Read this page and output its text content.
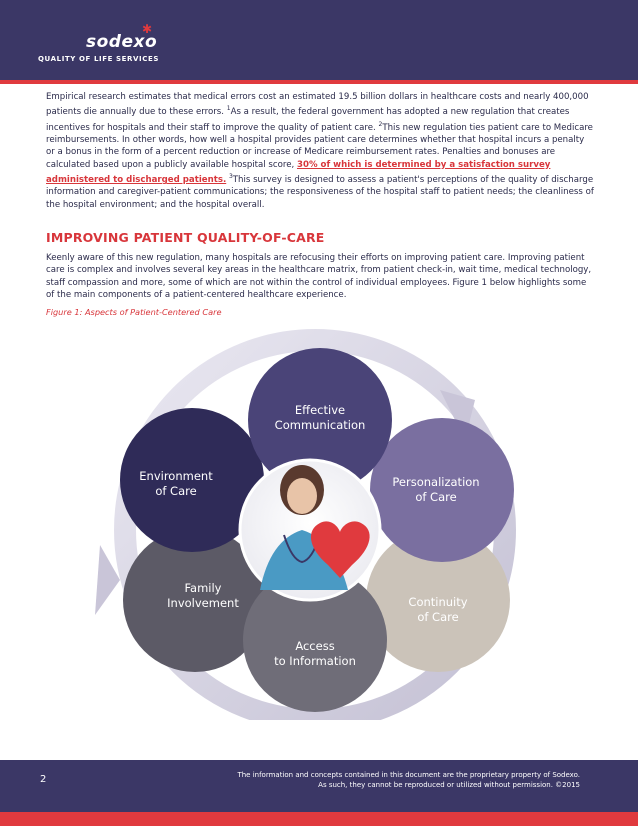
sodexo
✱
QUALITY OF LIFE SERVICES

Empirical research estimates that medical errors cost an estimated 19.5 billion dollars in healthcare costs and nearly 400,000 patients die annually due to these errors. $^1$As a result, the federal government has adopted a new regulation that creates incentives for hospitals and their staff to improve the quality of patient care. $^2$This new regulation ties patient care to Medicare reimbursements. In other words, how well a hospital provides patient care determines whether that hospital incurs a penalty or a bonus in the form of a percent reduction or increase of Medicare reimbursement rates. Penalties and bonuses are calculated based upon a publicly available hospital score, 30% of which is determined by a satisfaction survey administered to discharged patients. $^3$This survey is designed to assess a patient's perceptions of the quality of discharge information and caregiver-patient communications; the responsiveness of the hospital staff to patient needs; the cleanliness of the hospital environment; and the hospital overall.

IMPROVING PATIENT QUALITY-OF-CARE

Keenly aware of this new regulation, many hospitals are refocusing their efforts on improving patient care. Improving patient care is complex and involves several key areas in the healthcare matrix, from patient check-in, wait time, medical technology, staff compassion and more, some of which are not within the control of individual employees. Figure 1 below highlights some of the main components of a patient-centered healthcare experience.

Figure 1: Aspects of Patient-Centered Care

Effective Communication
Environment of Care
Personalization of Care
Family Involvement	Continuity of Care
Access to Information
2	The information and concepts contained in this document are the proprietary property of Sodexo.
As such, they cannot be reproduced or utilized without permission. ©2015
